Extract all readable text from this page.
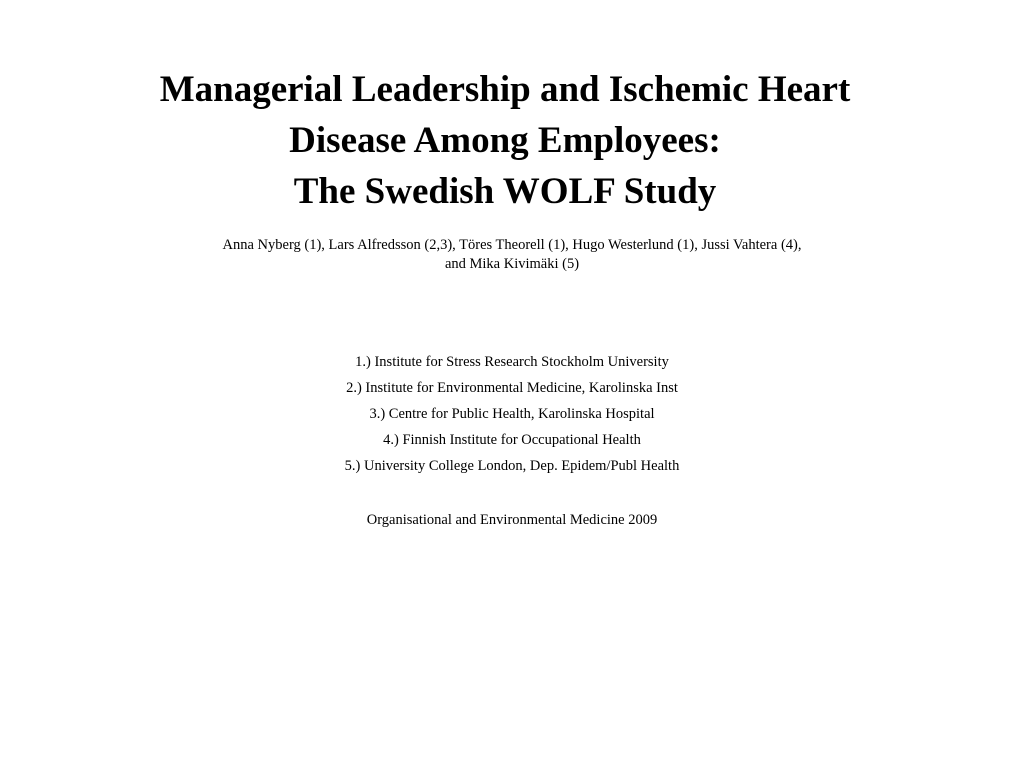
Managerial Leadership and Ischemic Heart
Disease Among Employees:
The Swedish WOLF Study
Anna Nyberg (1), Lars Alfredsson (2,3), Töres Theorell (1), Hugo Westerlund (1), Jussi Vahtera (4),
and Mika Kivimäki (5)
1.) Institute for Stress Research Stockholm University
2.) Institute for Environmental Medicine, Karolinska Inst
3.) Centre for Public Health, Karolinska Hospital
4.) Finnish Institute for Occupational Health
5.) University College London, Dep. Epidem/Publ Health
Organisational and Environmental Medicine 2009
